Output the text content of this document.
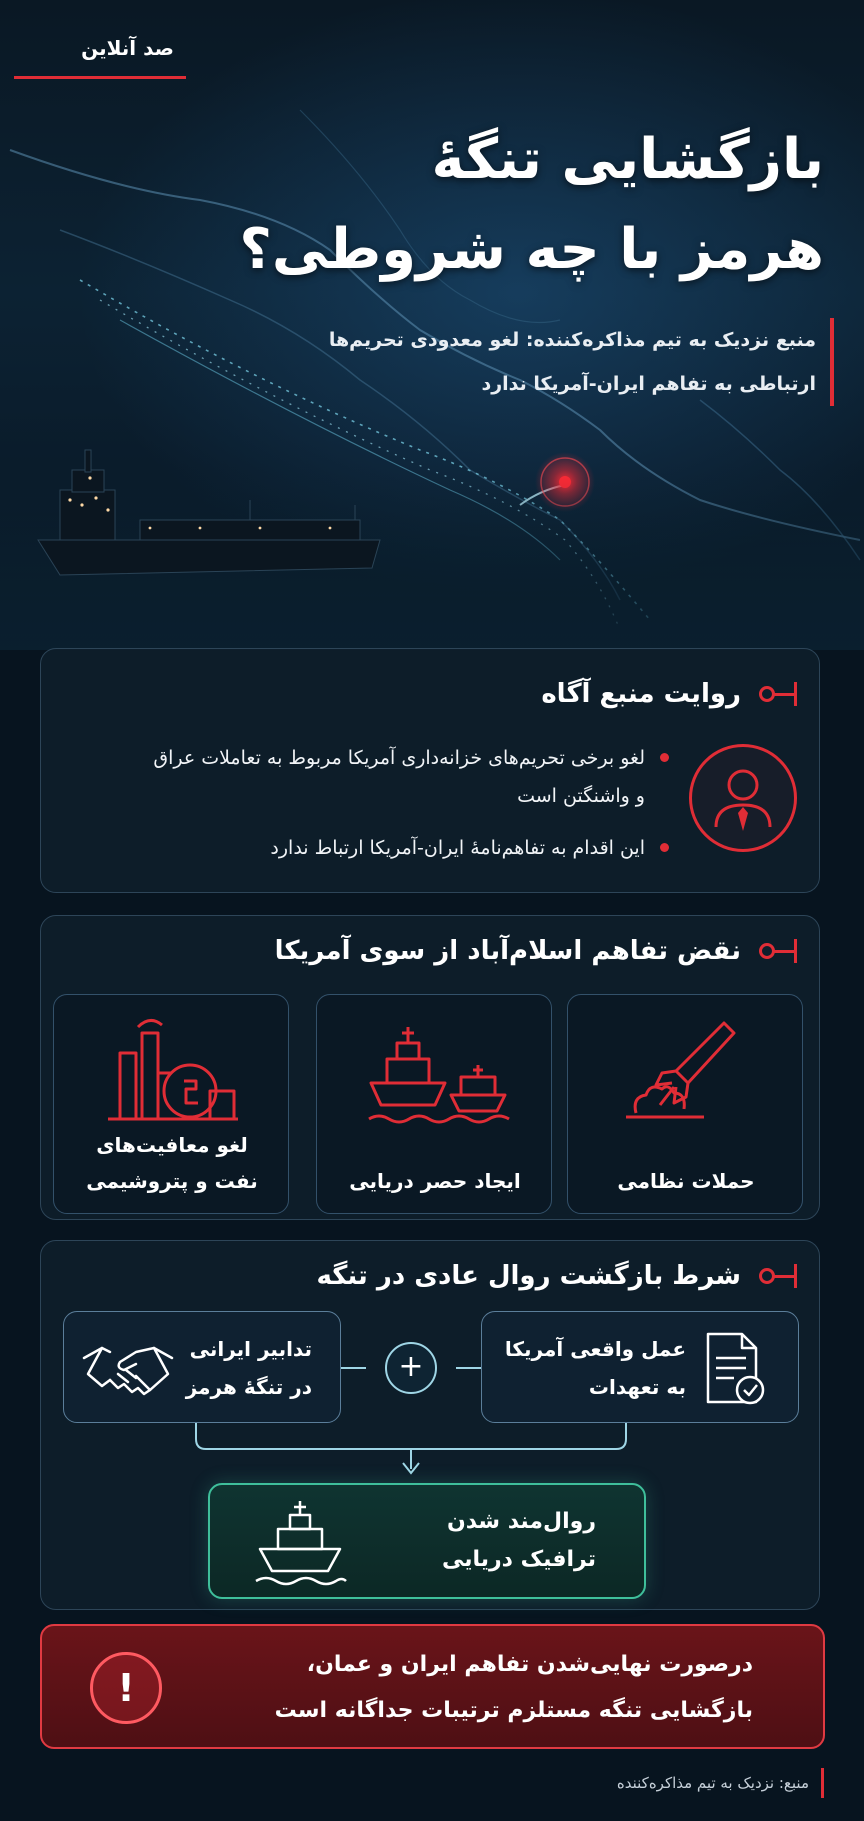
صد آنلاین
بازگشایی تنگهٔ
هرمز با چه شروطی؟

منبع نزدیک به تیم مذاکره‌کننده: لغو معدودی تحریم‌ها

ارتباطی به تفاهم ایران-آمریکا ندارد

روایت منبع آگاه
لغو برخی تحریم‌های خزانه‌داری آمریکا مربوط به تعاملات عراق و واشنگتن است
این اقدام به تفاهم‌نامهٔ ایران-آمریکا ارتباط ندارد
نقض تفاهم اسلام‌آباد از سوی آمریکا
حملات نظامی
ایجاد حصر دریایی
لغو معافیت‌های
نفت و پتروشیمی
شرط بازگشت روال عادی در تنگه
عمل واقعی آمریکا
به تعهدات
+
تدابیر ایرانی
در تنگهٔ هرمز
روال‌مند شدن
ترافیک دریایی
درصورت نهایی‌شدن تفاهم ایران و عمان،
بازگشایی تنگه مستلزم ترتیبات جداگانه است
!
منبع: نزدیک به تیم مذاکره‌کننده
